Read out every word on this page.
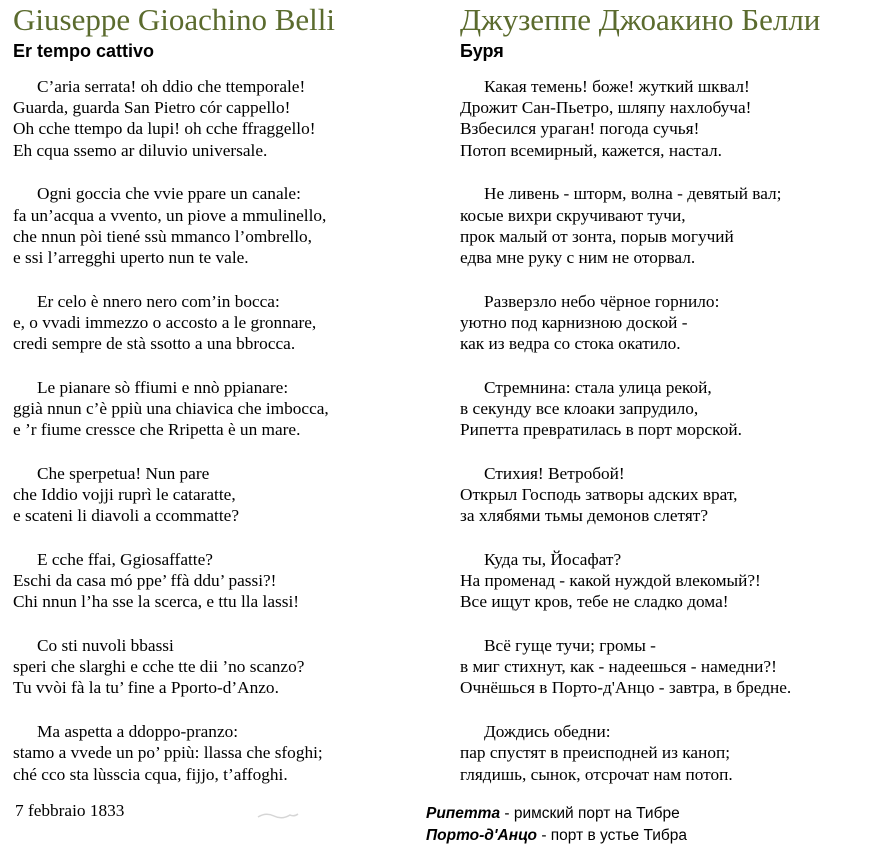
Giuseppe Gioachino Belli
Er tempo cattivo
C’aria serrata! oh ddio che ttemporale!
Guarda, guarda San Pietro cór cappello!
Oh cche ttempo da lupi! oh cche ffraggello!
Eh cqua ssemo ar diluvio universale.
Ogni goccia che vvie ppare un canale:
fa un’acqua a vvento, un piove a mmulinello,
che nnun pòi tiené ssù mmanco l’ombrello,
e ssi l’arregghi uperto nun te vale.
Er celo è nnero nero com’in bocca:
e, o vvadi immezzo o accosto a le gronnare,
credi sempre de stà ssotto a una bbrocca.
Le pianare sò ffiumi e nnò ppianare:
ggià nnun c’è ppiù una chiavica che imbocca,
e ’r fiume cressce che Rripetta è un mare.
Che sperpetua! Nun pare
che Iddio vojji ruprì le cataratte,
e scateni li diavoli a ccommatte?
E cche ffai, Ggiosaffatte?
Eschi da casa mó ppe’ ffà ddu’ passi?!
Chi nnun l’ha sse la scerca, e ttu lla lassi!
Co sti nuvoli bbassi
speri che slarghi e cche tte dii ’no scanzo?
Tu vvòi fà la tu’ fine a Pporto-d’Anzo.
Ma aspetta a ddoppo-pranzo:
stamo a vvede un po’ ppiù: llassa che sfoghi;
ché cco sta lùsscia cqua, fijjo, t’affoghi.
Джузеппе Джоакино Белли
Буря
Какая темень! боже! жуткий шквал!
Дрожит Сан-Пьетро, шляпу нахлобуча!
Взбесился ураган! погода сучья!
Потоп всемирный, кажется, настал.
Не ливень - шторм, волна - девятый вал;
косые вихри скручивают тучи,
прок малый от зонта, порыв могучий
едва мне руку с ним не оторвал.
Разверзло небо чёрное горнило:
уютно под карнизною доской -
как из ведра со стока окатило.
Стремнина: стала улица рекой,
в секунду все клоаки запрудило,
Рипетта превратилась в порт морской.
Стихия! Ветробой!
Открыл Господь затворы адских врат,
за хлябями тьмы демонов слетят?
Куда ты, Йосафат?
На променад - какой нуждой влекомый?!
Все ищут кров, тебе не сладко дома!
Всё гуще тучи; громы -
в миг стихнут, как - надеешься - намедни?!
Очнёшься в Порто-д'Анцо - завтра, в бредне.
Дождись обедни:
пар спустят в преисподней из каноп;
глядишь, сынок, отсрочат нам потоп.
7 febbraio 1833	Рипетта - римский порт на Тибре
Порто-д'Анцо - порт в устье Тибра
